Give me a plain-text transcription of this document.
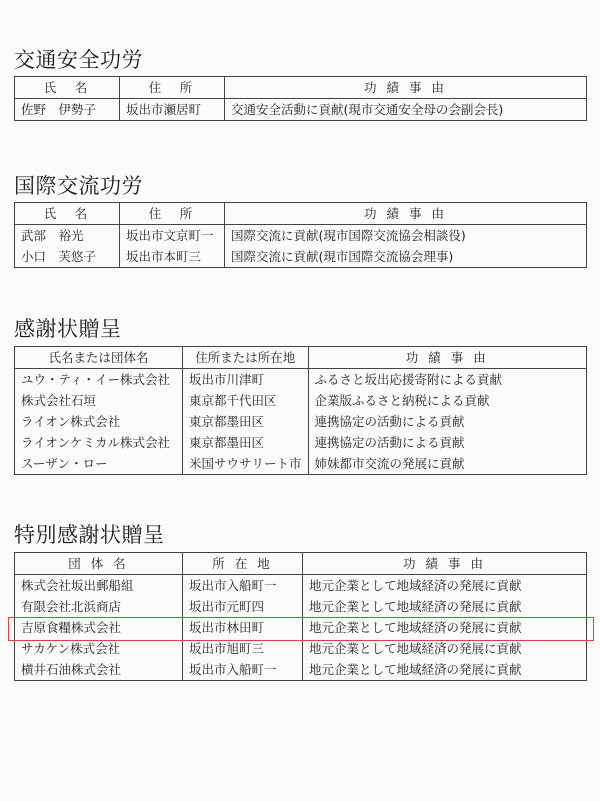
交通安全功労
氏　名	住　所	功 績 事 由
佐野　伊勢子	坂出市瀬居町	交通安全活動に貢献(現市交通安全母の会副会長)
国際交流功労
氏　名	住　所	功 績 事 由
武部　裕光	坂出市文京町一	国際交流に貢献(現市国際交流協会相談役)
小口　芙悠子	坂出市本町三	国際交流に貢献(現市国際交流協会理事)
感謝状贈呈
氏名または団体名	住所または所在地	功 績 事 由
ユウ・ティ・イー株式会社	坂出市川津町	ふるさと坂出応援寄附による貢献
株式会社石垣	東京都千代田区	企業版ふるさと納税による貢献
ライオン株式会社	東京都墨田区	連携協定の活動による貢献
ライオンケミカル株式会社	東京都墨田区	連携協定の活動による貢献
スーザン・ロー	米国サウサリート市	姉妹都市交流の発展に貢献
特別感謝状贈呈
団 体 名	所 在 地	功 績 事 由
株式会社坂出郵船組	坂出市入船町一	地元企業として地域経済の発展に貢献
有限会社北浜商店	坂出市元町四	地元企業として地域経済の発展に貢献
吉原食糧株式会社	坂出市林田町	地元企業として地域経済の発展に貢献
サカケン株式会社	坂出市旭町三	地元企業として地域経済の発展に貢献
横井石油株式会社	坂出市入船町一	地元企業として地域経済の発展に貢献
